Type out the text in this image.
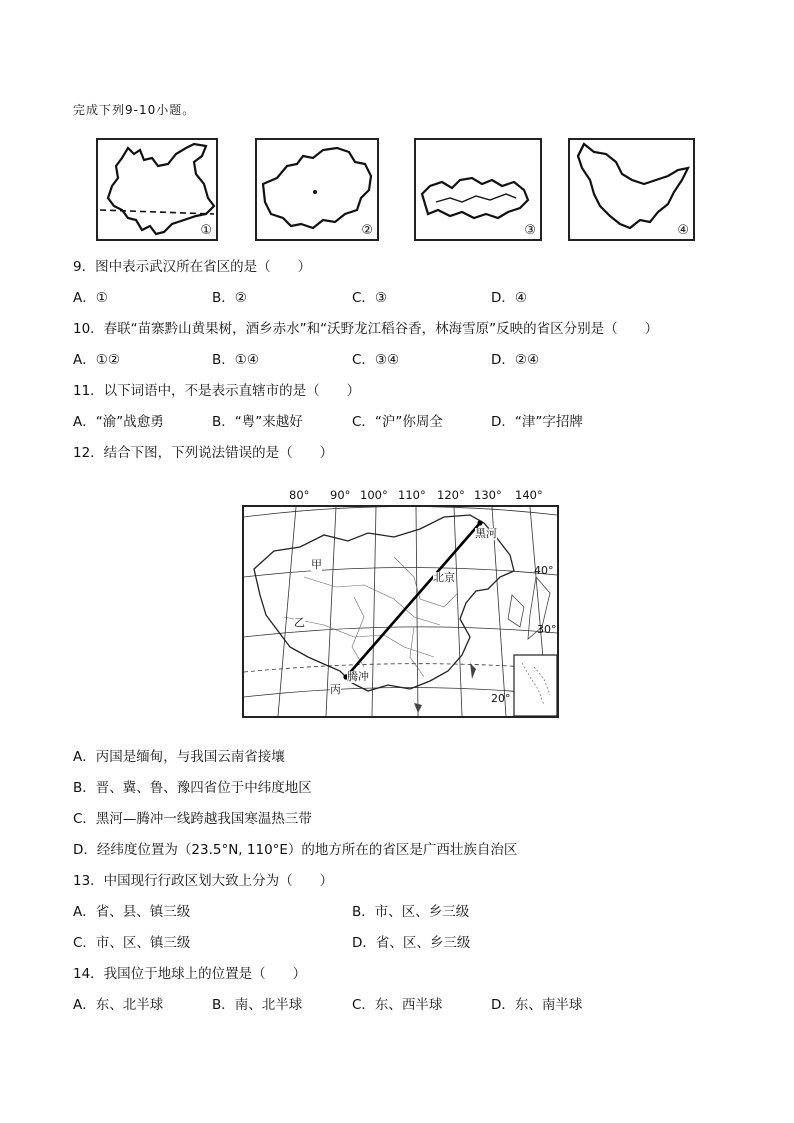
完成下列9-10小题。
①	②	③	④
9．图中表示武汉所在省区的是（　　）
A．①	B．②	C．③	D．④
10．春联“苗寨黔山黄果树，酒乡赤水”和“沃野龙江稻谷香，林海雪原”反映的省区分别是（　　）
A．①②	B．①④	C．③④	D．②④
11．以下词语中，不是表示直辖市的是（　　）
A．“渝”战愈勇	B．“粤”来越好	C．“沪”你周全	D．“津”字招牌
12．结合下图，下列说法错误的是（　　）
80° 90° 100° 110° 120° 130° 140°
黑河
北京
腾冲
甲
乙
丙
40°
30°
20°
A．丙国是缅甸，与我国云南省接壤
B．晋、冀、鲁、豫四省位于中纬度地区
C．黑河—腾冲一线跨越我国寒温热三带
D．经纬度位置为（23.5°N, 110°E）的地方所在的省区是广西壮族自治区
13．中国现行行政区划大致上分为（　　）
A．省、县、镇三级	B．市、区、乡三级
C．市、区、镇三级	D．省、区、乡三级
14．我国位于地球上的位置是（　　）
A．东、北半球	B．南、北半球	C．东、西半球	D．东、南半球
